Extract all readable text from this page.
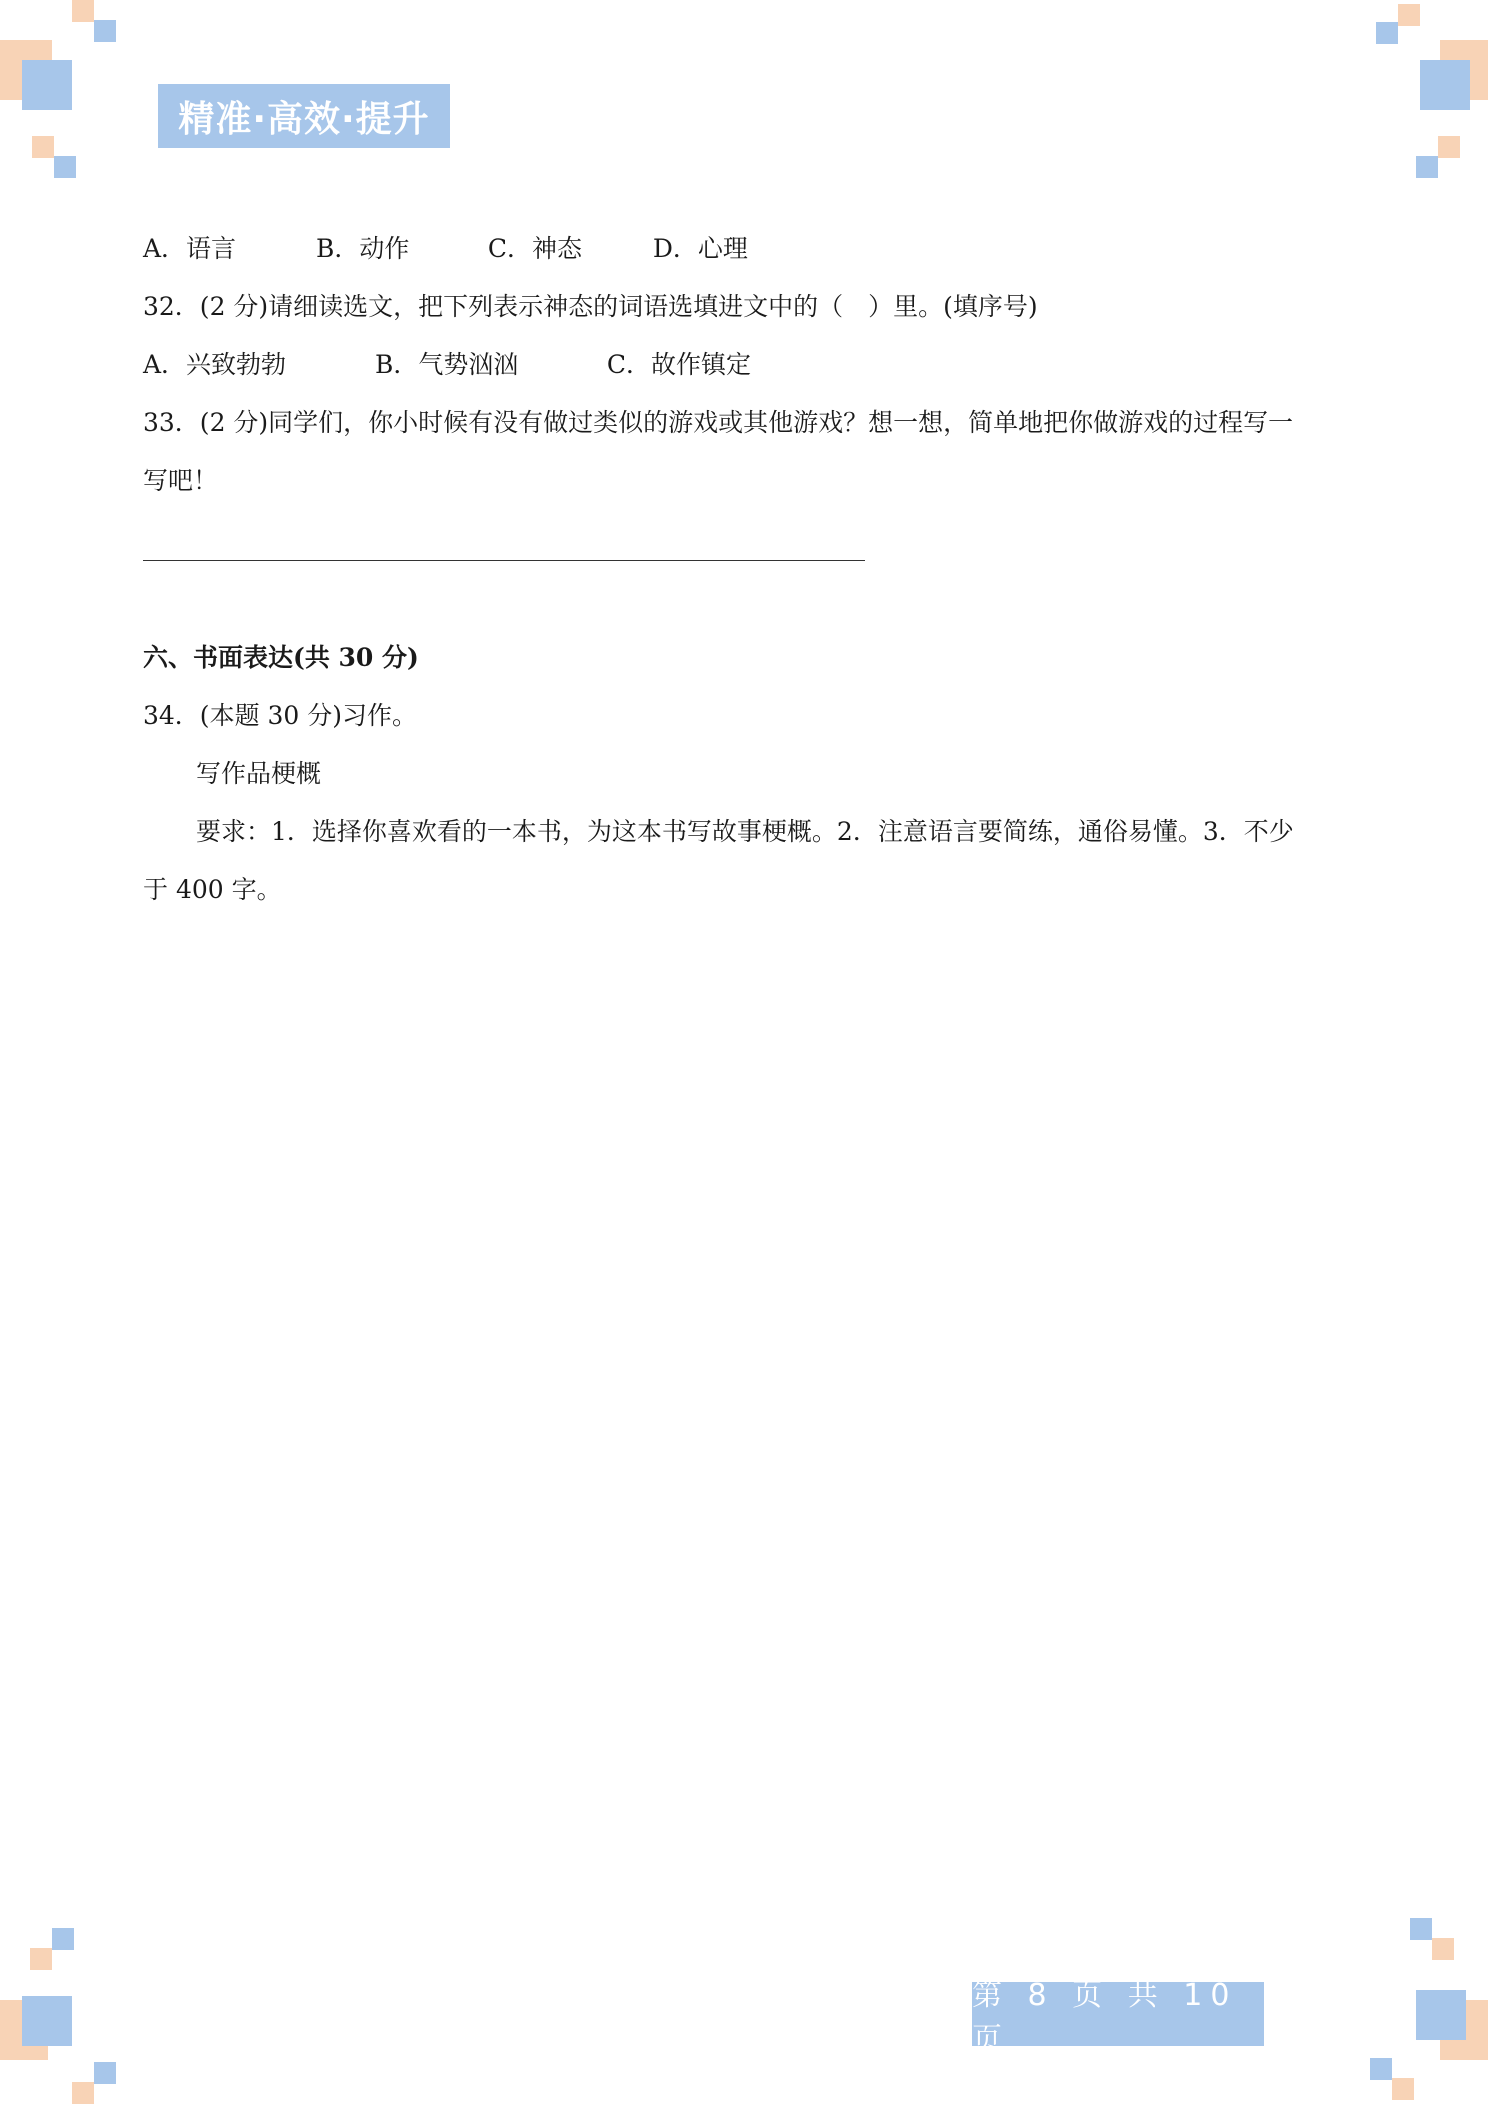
精准·高效·提升
A．语言	B．动作	C．神态	D．心理
32．(2 分)请细读选文，把下列表示神态的词语选填进文中的（　）里。(填序号)
A．兴致勃勃	B．气势汹汹	C．故作镇定
33．(2 分)同学们，你小时候有没有做过类似的游戏或其他游戏？想一想，简单地把你做游戏的过程写一
写吧！
六、书面表达(共 30 分)
34．(本题 30 分)习作。
写作品梗概
要求：1．选择你喜欢看的一本书，为这本书写故事梗概。2．注意语言要简练，通俗易懂。3．不少
于 400 字。
第 8 页 共 10 页
